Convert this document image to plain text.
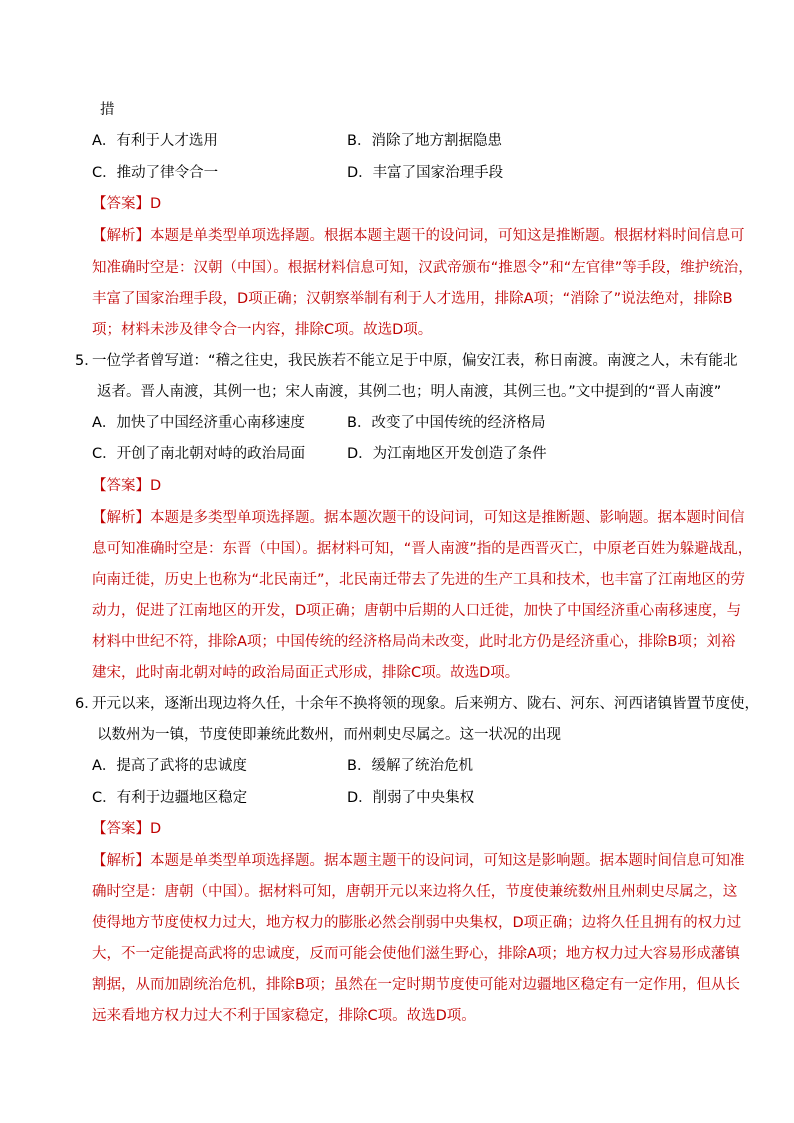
措
A．有利于人才选用	B．消除了地方割据隐患
C．推动了律令合一	D．丰富了国家治理手段
【答案】D
【解析】本题是单类型单项选择题。根据本题主题干的设问词，可知这是推断题。根据材料时间信息可
知准确时空是：汉朝（中国）。根据材料信息可知，汉武帝颁布“推恩令”和“左官律”等手段，维护统治，
丰富了国家治理手段，D项正确；汉朝察举制有利于人才选用，排除A项；“消除了”说法绝对，排除B
项；材料未涉及律令合一内容，排除C项。故选D项。
5．
一位学者曾写道：“稽之往史，我民族若不能立足于中原，偏安江表，称日南渡。南渡之人，未有能北
返者。晋人南渡，其例一也；宋人南渡，其例二也；明人南渡，其例三也。”文中提到的“晋人南渡”
A．加快了中国经济重心南移速度	B．改变了中国传统的经济格局
C．开创了南北朝对峙的政治局面	D．为江南地区开发创造了条件
【答案】D
【解析】本题是多类型单项选择题。据本题次题干的设问词，可知这是推断题、影响题。据本题时间信
息可知准确时空是：东晋（中国）。据材料可知，“晋人南渡”指的是西晋灭亡，中原老百姓为躲避战乱，
向南迁徙，历史上也称为“北民南迁”，北民南迁带去了先进的生产工具和技术，也丰富了江南地区的劳
动力，促进了江南地区的开发，D项正确；唐朝中后期的人口迁徙，加快了中国经济重心南移速度，与
材料中世纪不符，排除A项；中国传统的经济格局尚未改变，此时北方仍是经济重心，排除B项；刘裕
建宋，此时南北朝对峙的政治局面正式形成，排除C项。故选D项。
6．
开元以来，逐渐出现边将久任，十余年不换将领的现象。后来朔方、陇右、河东、河西诸镇皆置节度使，
以数州为一镇，节度使即兼统此数州，而州刺史尽属之。这一状况的出现
A．提高了武将的忠诚度	B．缓解了统治危机
C．有利于边疆地区稳定	D．削弱了中央集权
【答案】D
【解析】本题是单类型单项选择题。据本题主题干的设问词，可知这是影响题。据本题时间信息可知准
确时空是：唐朝（中国）。据材料可知，唐朝开元以来边将久任，节度使兼统数州且州刺史尽属之，这
使得地方节度使权力过大，地方权力的膨胀必然会削弱中央集权，D项正确；边将久任且拥有的权力过
大，不一定能提高武将的忠诚度，反而可能会使他们滋生野心，排除A项；地方权力过大容易形成藩镇
割据，从而加剧统治危机，排除B项；虽然在一定时期节度使可能对边疆地区稳定有一定作用，但从长
远来看地方权力过大不利于国家稳定，排除C项。故选D项。
